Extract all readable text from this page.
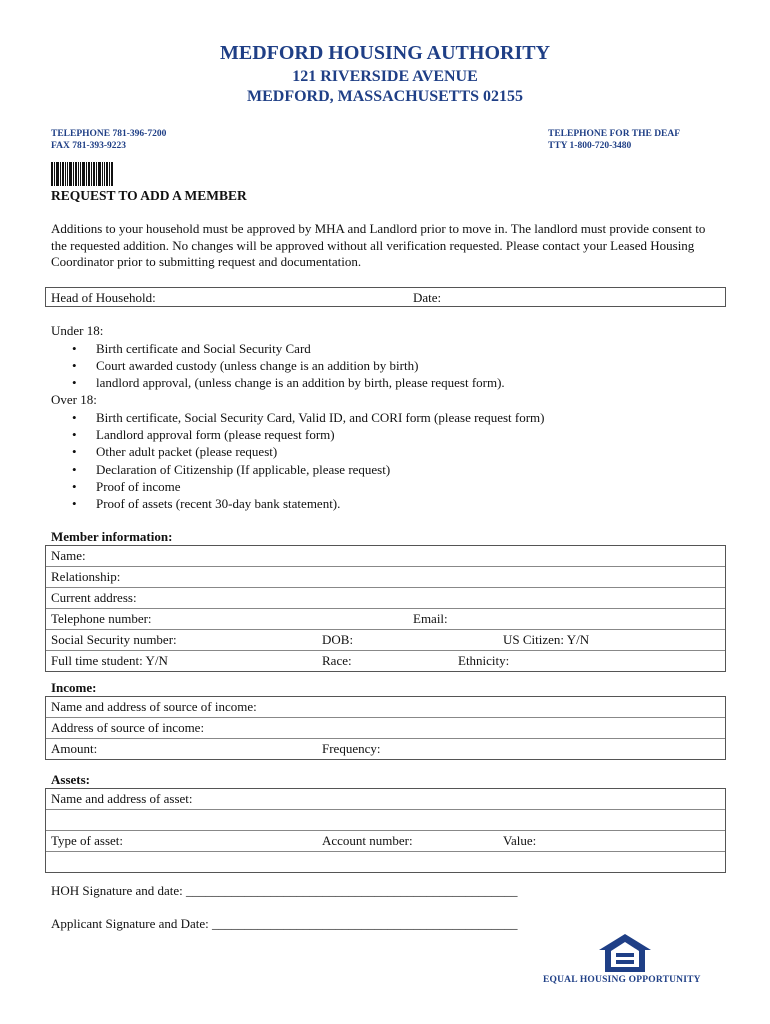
MEDFORD HOUSING AUTHORITY
121 RIVERSIDE AVENUE
MEDFORD, MASSACHUSETTS 02155
TELEPHONE 781-396-7200
FAX 781-393-9223
TELEPHONE FOR THE DEAF
TTY 1-800-720-3480
REQUEST TO ADD A MEMBER
Additions to your household must be approved by MHA and Landlord prior to move in. The landlord must provide consent to the requested addition. No changes will be approved without all verification requested. Please contact your Leased Housing Coordinator prior to submitting request and documentation.
Head of Household:	Date:
Under 18:
• Birth certificate and Social Security Card
• Court awarded custody (unless change is an addition by birth)
• landlord approval, (unless change is an addition by birth, please request form).
Over 18:
• Birth certificate, Social Security Card, Valid ID, and CORI form (please request form)
• Landlord approval form (please request form)
• Other adult packet (please request)
• Declaration of Citizenship (If applicable, please request)
• Proof of income
• Proof of assets (recent 30-day bank statement).
Member information:
Name:
Relationship:
Current address:
Telephone number:	Email:
Social Security number:	DOB:	US Citizen: Y/N
Full time student: Y/N	Race:	Ethnicity:
Income:
Name and address of source of income:
Address of source of income:
Amount:	Frequency:
Assets:
Name and address of asset:
Type of asset:	Account number:	Value:
HOH Signature and date: ___________________________________________________
Applicant Signature and Date: _______________________________________________
EQUAL HOUSING OPPORTUNITY
